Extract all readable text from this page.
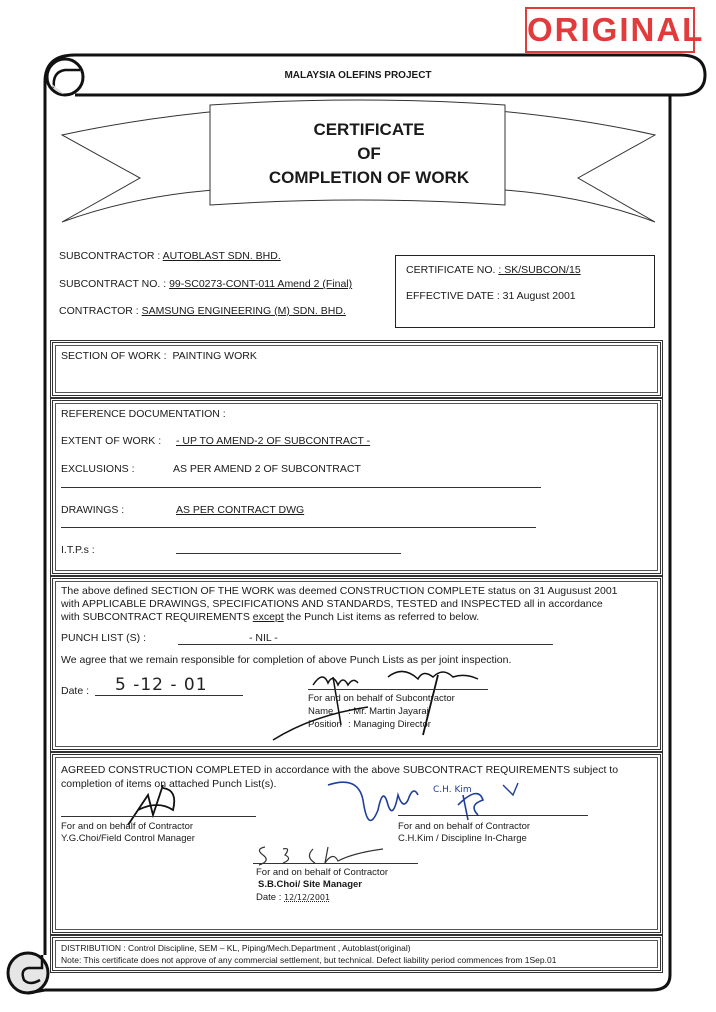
ORIGINAL
MALAYSIA OLEFINS PROJECT
CERTIFICATE
OF
COMPLETION OF WORK
SUBCONTRACTOR : AUTOBLAST SDN. BHD.
SUBCONTRACT NO. : 99-SC0273-CONT-011 Amend 2 (Final)
CONTRACTOR : SAMSUNG ENGINEERING (M) SDN. BHD.
CERTIFICATE NO. : SK/SUBCON/15
EFFECTIVE DATE : 31 August 2001
SECTION OF WORK : PAINTING WORK
REFERENCE DOCUMENTATION :
EXTENT OF WORK : - UP TO AMEND-2 OF SUBCONTRACT -
EXCLUSIONS :	AS PER AMEND 2 OF SUBCONTRACT
DRAWINGS :	AS PER CONTRACT DWG
I.T.P.s :
The above defined SECTION OF THE WORK was deemed CONSTRUCTION COMPLETE status on 31 Augusust 2001
with APPLICABLE DRAWINGS, SPECIFICATIONS AND STANDARDS, TESTED and INSPECTED all in accordance
with SUBCONTRACT REQUIREMENTS except the Punch List items as referred to below.
PUNCH LIST (S) :	- NIL -
We agree that we remain responsible for completion of above Punch Lists as per joint inspection.
Date : 5 -12 - 01
For and on behalf of Subcontractor
Name : Mr. Martin Jayaraj
Position : Managing Director
AGREED CONSTRUCTION COMPLETED in accordance with the above SUBCONTRACT REQUIREMENTS subject to
completion of items on attached Punch List(s).
For and on behalf of Contractor
Y.G.Choi/Field Control Manager
C.H. Kim
For and on behalf of Contractor
C.H.Kim / Discipline In-Charge
For and on behalf of Contractor
S.B.Choi/ Site Manager
Date : 12/12/2001
DISTRIBUTION : Control Discipline, SEM – KL, Piping/Mech.Department , Autoblast(original)
Note: This certificate does not approve of any commercial settlement, but technical. Defect liability period commences from 1Sep.01
